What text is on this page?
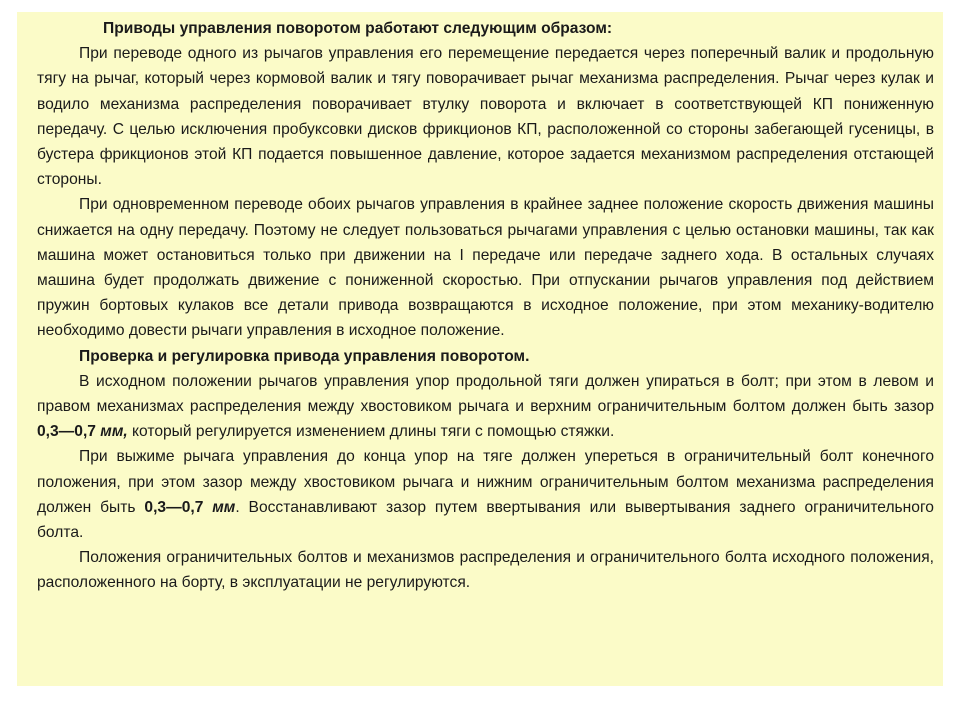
Приводы управления поворотом работают следующим образом:

При переводе одного из рычагов управления его перемещение передается через поперечный валик и продольную тягу на рычаг, который через кормовой валик и тягу поворачивает рычаг механизма распределения. Рычаг через кулак и водило механизма распределения поворачивает втулку поворота и включает в соответствующей КП пониженную передачу. С целью исключения пробуксовки дисков фрикционов КП, расположенной со стороны забегающей гусеницы, в бустера фрикционов этой КП подается повышенное давление, которое задается механизмом распределения отстающей стороны.

При одновременном переводе обоих рычагов управления в крайнее заднее положение скорость движения машины снижается на одну передачу. Поэтому не следует пользоваться рычагами управления с целью остановки машины, так как машина может остановиться только при движении на I передаче или передаче заднего хода. В остальных случаях машина будет продолжать движение с пониженной скоростью. При отпускании рычагов управления под действием пружин бортовых кулаков все детали привода возвращаются в исходное положение, при этом механику-водителю необходимо довести рычаги управления в исходное положение.

Проверка и регулировка привода управления поворотом.

В исходном положении рычагов управления упор продольной тяги должен упираться в болт; при этом в левом и правом механизмах распределения между хвостовиком рычага и верхним ограничительным болтом должен быть зазор 0,3—0,7 мм, который регулируется изменением длины тяги с помощью стяжки.

При выжиме рычага управления до конца упор на тяге должен упереться в ограничительный болт конечного положения, при этом зазор между хвостовиком рычага и нижним ограничительным болтом механизма распределения должен быть 0,3—0,7 мм. Восстанавливают зазор путем ввертывания или вывертывания заднего ограничительного болта.

Положения ограничительных болтов и механизмов распределения и ограничительного болта исходного положения, расположенного на борту, в эксплуатации не регулируются.
